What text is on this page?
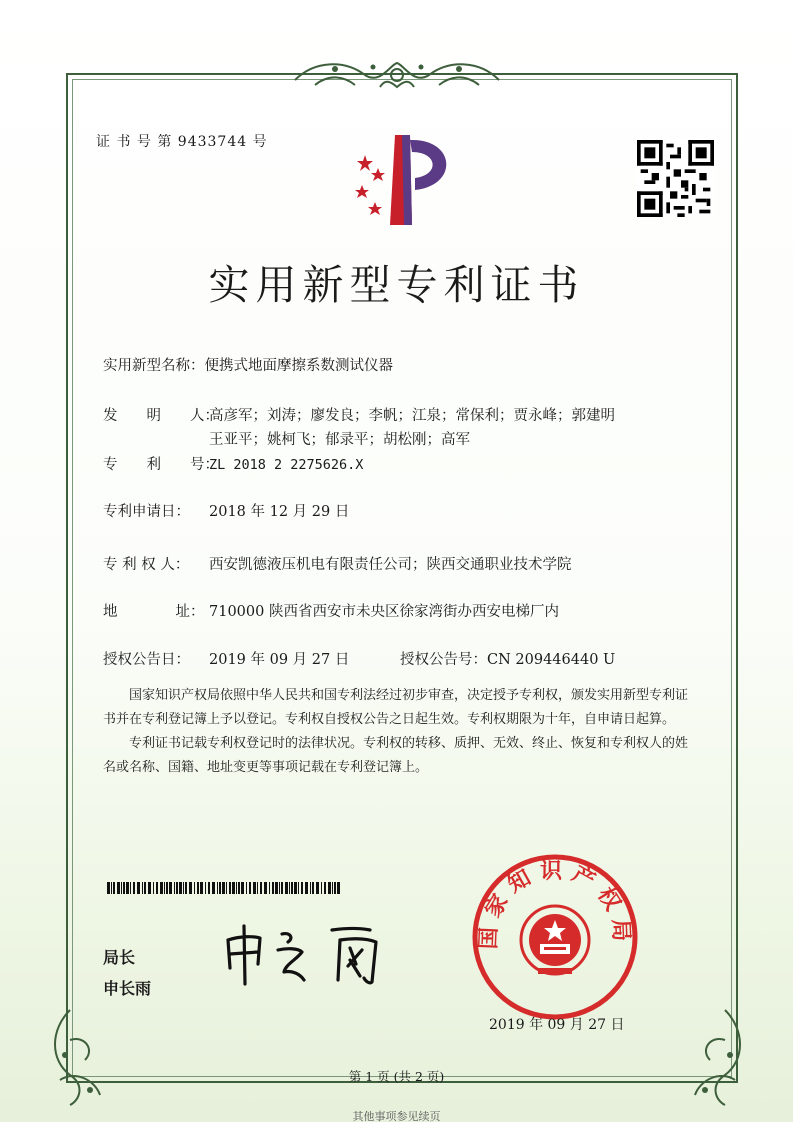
证 书 号 第 9433744 号
实用新型专利证书
实用新型名称：便携式地面摩擦系数测试仪器
发　　明　　人：高彦军；刘涛；廖发良；李帆；江泉；常保利；贾永峰；郭建明
王亚平；姚柯飞；郁录平；胡松刚；高军
专　　利　　号：ZL 2018 2 2275626.X
专利申请日： 2018 年 12 月 29 日
专 利 权 人： 西安凯德液压机电有限责任公司；陕西交通职业技术学院
地　　　　址： 710000 陕西省西安市未央区徐家湾街办西安电梯厂内
授权公告日： 2019 年 09 月 27 日	授权公告号：CN 209446440 U

国家知识产权局依照中华人民共和国专利法经过初步审查，决定授予专利权，颁发实用新型专利证书并在专利登记簿上予以登记。专利权自授权公告之日起生效。专利权期限为十年，自申请日起算。

专利证书记载专利权登记时的法律状况。专利权的转移、质押、无效、终止、恢复和专利权人的姓名或名称、国籍、地址变更等事项记载在专利登记簿上。

局长
申长雨
国家知识产权局
2019 年 09 月 27 日
第 1 页 (共 2 页)
其他事项参见续页
